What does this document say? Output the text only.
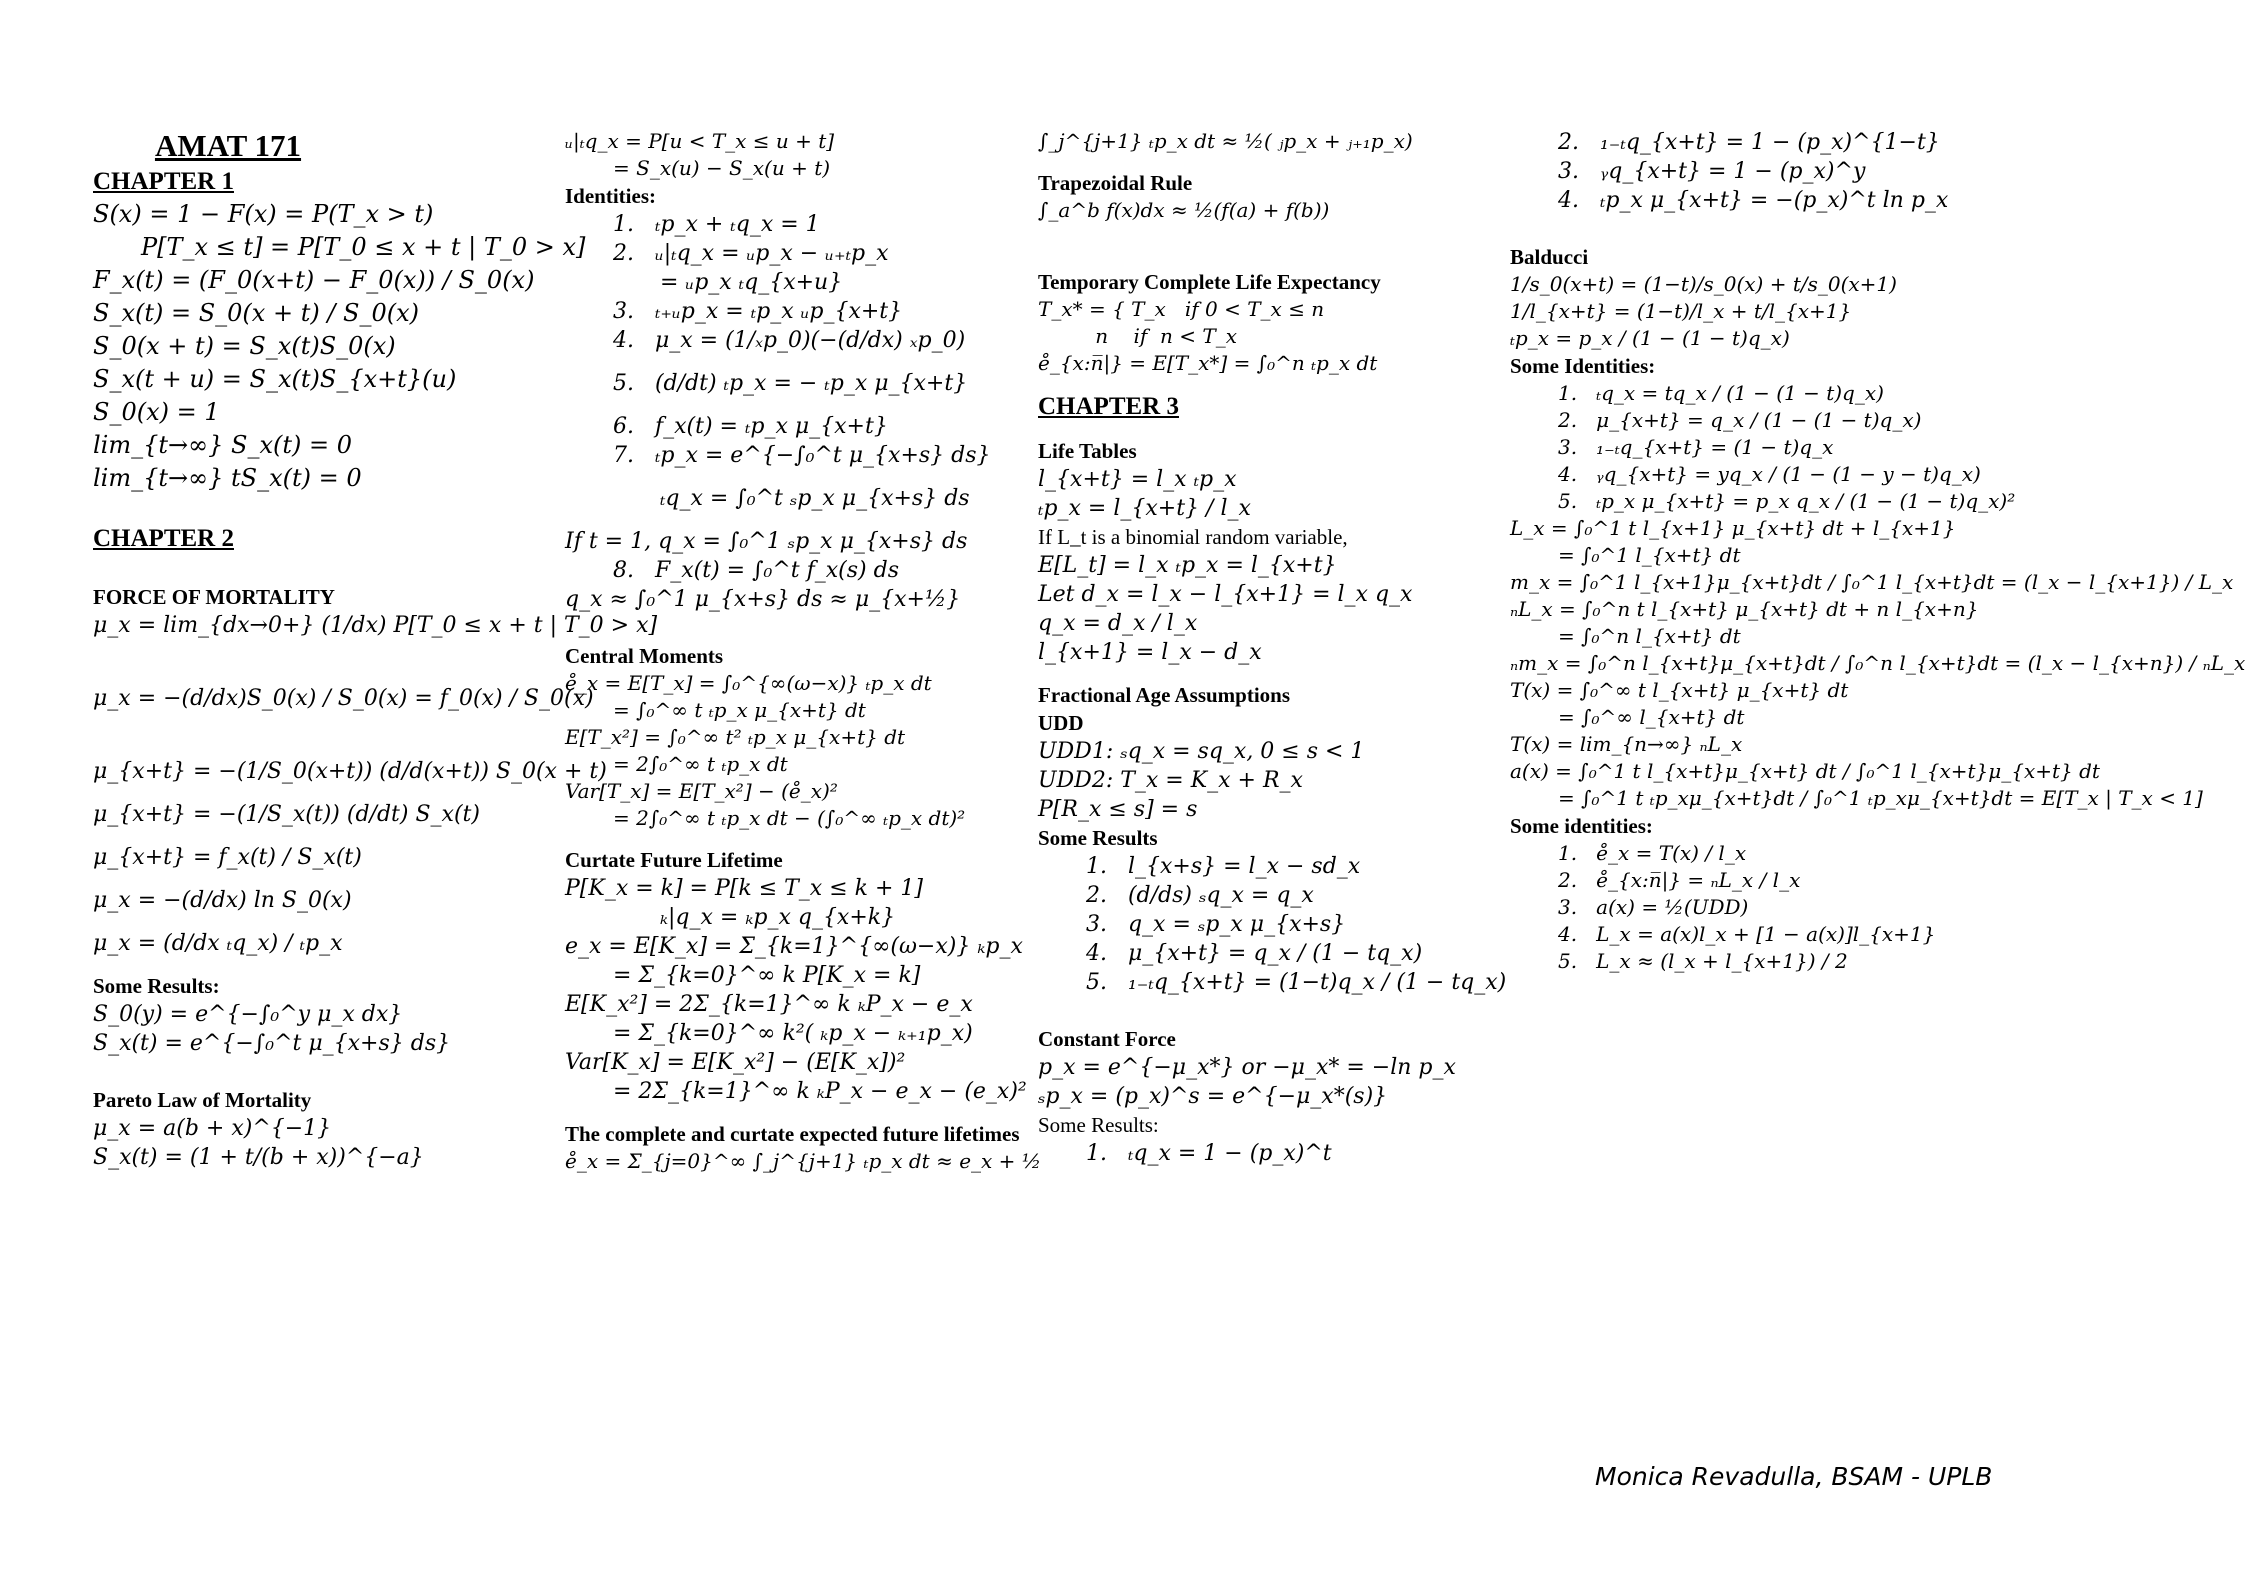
AMAT 171
CHAPTER 1
S(x) = 1 − F(x) = P(T_x > t)
P[T_x ≤ t] = P[T_0 ≤ x + t | T_0 > x]
F_x(t) = (F_0(x+t) − F_0(x)) / S_0(x)
S_x(t) = S_0(x + t) / S_0(x)
S_0(x + t) = S_x(t)S_0(x)
S_x(t + u) = S_x(t)S_{x+t}(u)
S_0(x) = 1
lim_{t→∞} S_x(t) = 0
lim_{t→∞} tS_x(t) = 0
CHAPTER 2
FORCE OF MORTALITY
μ_x = lim_{dx→0+} (1/dx) P[T_0 ≤ x + t | T_0 > x]
μ_x = −(d/dx)S_0(x) / S_0(x) = f_0(x) / S_0(x)
μ_{x+t} = −(1/S_0(x+t)) (d/d(x+t)) S_0(x + t)
μ_{x+t} = −(1/S_x(t)) (d/dt) S_x(t)
μ_{x+t} = f_x(t) / S_x(t)
μ_x = −(d/dx) ln S_0(x)
μ_x = (d/dx ₜq_x) / ₜp_x
Some Results:
S_0(y) = e^{−∫₀^y μ_x dx}
S_x(t) = e^{−∫₀^t μ_{x+s} ds}
Pareto Law of Mortality
μ_x = a(b + x)^{−1}
S_x(t) = (1 + t/(b + x))^{−a}
ᵤ|ₜq_x = P[u < T_x ≤ u + t]
= S_x(u) − S_x(u + t)
Identities:
1.   ₜp_x + ₜq_x = 1
2.   ᵤ|ₜq_x = ᵤp_x − ᵤ₊ₜp_x
= ᵤp_x ₜq_{x+u}
3.   ₜ₊ᵤp_x = ₜp_x ᵤp_{x+t}
4.   μ_x = (1/ₓp_0)(−(d/dx) ₓp_0)
5.   (d/dt) ₜp_x = − ₜp_x μ_{x+t}
6.   f_x(t) = ₜp_x μ_{x+t}
7.   ₜp_x = e^{−∫₀^t μ_{x+s} ds}
ₜq_x = ∫₀^t ₛp_x μ_{x+s} ds
If t = 1, q_x = ∫₀^1 ₛp_x μ_{x+s} ds
8.   F_x(t) = ∫₀^t f_x(s) ds
q_x ≈ ∫₀^1 μ_{x+s} ds ≈ μ_{x+½}
Central Moments
e̊_x = E[T_x] = ∫₀^{∞(ω−x)} ₜp_x dt
= ∫₀^∞ t ₜp_x μ_{x+t} dt
E[T_x²] = ∫₀^∞ t² ₜp_x μ_{x+t} dt
= 2∫₀^∞ t ₜp_x dt
Var[T_x] = E[T_x²] − (e̊_x)²
= 2∫₀^∞ t ₜp_x dt − (∫₀^∞ ₜp_x dt)²
Curtate Future Lifetime
P[K_x = k] = P[k ≤ T_x ≤ k + 1]
ₖ|q_x = ₖp_x q_{x+k}
e_x = E[K_x] = Σ_{k=1}^{∞(ω−x)} ₖp_x
= Σ_{k=0}^∞ k P[K_x = k]
E[K_x²] = 2Σ_{k=1}^∞ k ₖP_x − e_x
= Σ_{k=0}^∞ k²( ₖp_x − ₖ₊₁p_x)
Var[K_x] = E[K_x²] − (E[K_x])²
= 2Σ_{k=1}^∞ k ₖP_x − e_x − (e_x)²
The complete and curtate expected future lifetimes
e̊_x = Σ_{j=0}^∞ ∫_j^{j+1} ₜp_x dt ≈ e_x + ½
∫_j^{j+1} ₜp_x dt ≈ ½( ⱼp_x + ⱼ₊₁p_x)
Trapezoidal Rule
∫_a^b f(x)dx ≈ ½(f(a) + f(b))
Temporary Complete Life Expectancy
T_x* = { T_x   if 0 < T_x ≤ n
n    if  n < T_x
e̊_{x:n̅|} = E[T_x*] = ∫₀^n ₜp_x dt
CHAPTER 3
Life Tables
l_{x+t} = l_x ₜp_x
ₜp_x = l_{x+t} / l_x
If L_t is a binomial random variable,
E[L_t] = l_x ₜp_x = l_{x+t}
Let d_x = l_x − l_{x+1} = l_x q_x
q_x = d_x / l_x
l_{x+1} = l_x − d_x
Fractional Age Assumptions
UDD
UDD1: ₛq_x = sq_x, 0 ≤ s < 1
UDD2: T_x = K_x + R_x
P[R_x ≤ s] = s
Some Results
1.   l_{x+s} = l_x − sd_x
2.   (d/ds) ₛq_x = q_x
3.   q_x = ₛp_x μ_{x+s}
4.   μ_{x+t} = q_x / (1 − tq_x)
5.   ₁₋ₜq_{x+t} = (1−t)q_x / (1 − tq_x)
Constant Force
p_x = e^{−μ_x*} or −μ_x* = −ln p_x
ₛp_x = (p_x)^s = e^{−μ_x*(s)}
Some Results:
1.   ₜq_x = 1 − (p_x)^t
2.   ₁₋ₜq_{x+t} = 1 − (p_x)^{1−t}
3.   ᵧq_{x+t} = 1 − (p_x)^y
4.   ₜp_x μ_{x+t} = −(p_x)^t ln p_x
Balducci
1/s_0(x+t) = (1−t)/s_0(x) + t/s_0(x+1)
1/l_{x+t} = (1−t)/l_x + t/l_{x+1}
ₜp_x = p_x / (1 − (1 − t)q_x)
Some Identities:
1.   ₜq_x = tq_x / (1 − (1 − t)q_x)
2.   μ_{x+t} = q_x / (1 − (1 − t)q_x)
3.   ₁₋ₜq_{x+t} = (1 − t)q_x
4.   ᵧq_{x+t} = yq_x / (1 − (1 − y − t)q_x)
5.   ₜp_x μ_{x+t} = p_x q_x / (1 − (1 − t)q_x)²
L_x = ∫₀^1 t l_{x+1} μ_{x+t} dt + l_{x+1}
= ∫₀^1 l_{x+t} dt
m_x = ∫₀^1 l_{x+1}μ_{x+t}dt / ∫₀^1 l_{x+t}dt = (l_x − l_{x+1}) / L_x
ₙL_x = ∫₀^n t l_{x+t} μ_{x+t} dt + n l_{x+n}
= ∫₀^n l_{x+t} dt
ₙm_x = ∫₀^n l_{x+t}μ_{x+t}dt / ∫₀^n l_{x+t}dt = (l_x − l_{x+n}) / ₙL_x
T(x) = ∫₀^∞ t l_{x+t} μ_{x+t} dt
= ∫₀^∞ l_{x+t} dt
T(x) = lim_{n→∞} ₙL_x
a(x) = ∫₀^1 t l_{x+t}μ_{x+t} dt / ∫₀^1 l_{x+t}μ_{x+t} dt
= ∫₀^1 t ₜp_xμ_{x+t}dt / ∫₀^1 ₜp_xμ_{x+t}dt = E[T_x | T_x < 1]
Some identities:
1.   e̊_x = T(x) / l_x
2.   e̊_{x:n̅|} = ₙL_x / l_x
3.   a(x) = ½(UDD)
4.   L_x = a(x)l_x + [1 − a(x)]l_{x+1}
5.   L_x ≈ (l_x + l_{x+1}) / 2
Monica Revadulla, BSAM - UPLB
